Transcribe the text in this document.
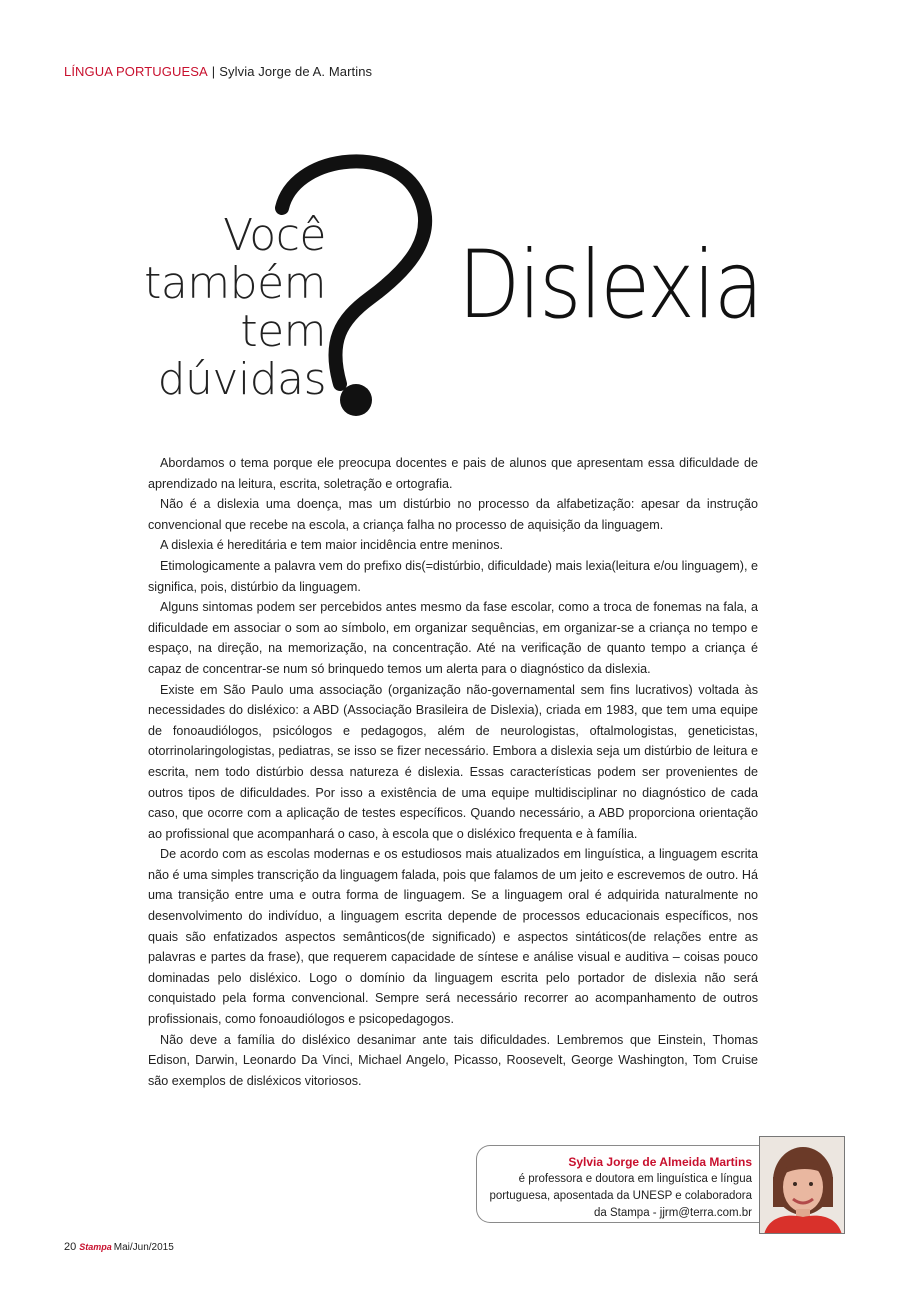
LÍNGUA PORTUGUESA | Sylvia Jorge de A. Martins
Você
também
tem
dúvidas
Dislexia

Abordamos o tema porque ele preocupa docentes e pais de alunos que apresentam essa dificuldade de aprendizado na leitura, escrita, soletração e ortografia.

Não é a dislexia uma doença, mas um distúrbio no processo da alfabetização: apesar da instrução convencional que recebe na escola, a criança falha no processo de aquisição da linguagem.

A dislexia é hereditária e tem maior incidência entre meninos.

Etimologicamente a palavra vem do prefixo dis(=distúrbio, dificuldade) mais lexia(leitura e/ou linguagem), e significa, pois, distúrbio da linguagem.

Alguns sintomas podem ser percebidos antes mesmo da fase escolar, como a troca de fonemas na fala, a dificuldade em associar o som ao símbolo, em organizar sequências, em organizar-se a criança no tempo e espaço, na direção, na memorização, na concentração. Até na verificação de quanto tempo a criança é capaz de concentrar-se num só brinquedo temos um alerta para o diagnóstico da dislexia.

Existe em São Paulo uma associação (organização não-governamental sem fins lucrativos) voltada às necessidades do disléxico: a ABD (Associação Brasileira de Dislexia), criada em 1983, que tem uma equipe de fonoaudiólogos, psicólogos e pedagogos, além de neurologistas, oftalmologistas, geneticistas, otorrinolaringologistas, pediatras, se isso se fizer necessário. Embora a dislexia seja um distúrbio de leitura e escrita, nem todo distúrbio dessa natureza é dislexia. Essas características podem ser provenientes de outros tipos de dificuldades. Por isso a existência de uma equipe multidisciplinar no diagnóstico de cada caso, que ocorre com a aplicação de testes específicos. Quando necessário, a ABD proporciona orientação ao profissional que acompanhará o caso, à escola que o disléxico frequenta e à família.

De acordo com as escolas modernas e os estudiosos mais atualizados em linguística, a linguagem escrita não é uma simples transcrição da linguagem falada, pois que falamos de um jeito e escrevemos de outro. Há uma transição entre uma e outra forma de linguagem. Se a linguagem oral é adquirida naturalmente no desenvolvimento do indivíduo, a linguagem escrita depende de processos educacionais específicos, nos quais são enfatizados aspectos semânticos(de significado) e aspectos sintáticos(de relações entre as palavras e partes da frase), que requerem capacidade de síntese e análise visual e auditiva – coisas pouco dominadas pelo disléxico. Logo o domínio da linguagem escrita pelo portador de dislexia não será conquistado pela forma convencional. Sempre será necessário recorrer ao acompanhamento de outros profissionais, como fonoaudiólogos e psicopedagogos.

Não deve a família do disléxico desanimar ante tais dificuldades. Lembremos que Einstein, Thomas Edison, Darwin, Leonardo Da Vinci, Michael Angelo, Picasso, Roosevelt, George Washington, Tom Cruise são exemplos de disléxicos vitoriosos.

Sylvia Jorge de Almeida Martins
é professora e doutora em linguística e língua
portuguesa, aposentada da UNESP e colaboradora
da Stampa - jjrm@terra.com.br
20 Stampa Mai/Jun/2015
